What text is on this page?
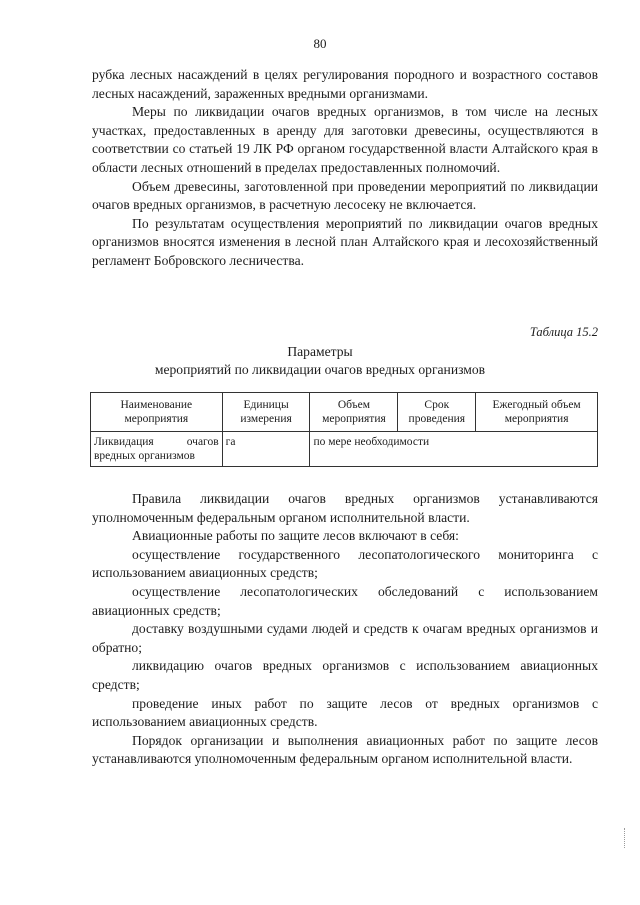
80

рубка лесных насаждений в целях регулирования породного и возрастного составов лесных насаждений, зараженных вредными организмами.

Меры по ликвидации очагов вредных организмов, в том числе на лесных участках, предоставленных в аренду для заготовки древесины, осуществляются в соответствии со статьей 19 ЛК РФ органом государственной власти Алтайского края в области лесных отношений в пределах предоставленных полномочий.

Объем древесины, заготовленной при проведении мероприятий по ликвидации очагов вредных организмов, в расчетную лесосеку не включается.

По результатам осуществления мероприятий по ликвидации очагов вредных организмов вносятся изменения в лесной план Алтайского края и лесохозяйственный регламент Бобровского лесничества.

Таблица 15.2
Параметры
мероприятий по ликвидации очагов вредных организмов
Наименование мероприятия	Единицы измерения	Объем мероприятия	Срок проведения	Ежегодный объем мероприятия

Ликвидация очагов
вредных организмов	га	по мере необходимости		

Правила ликвидации очагов вредных организмов устанавливаются уполномоченным федеральным органом исполнительной власти.

Авиационные работы по защите лесов включают в себя:

осуществление государственного лесопатологического мониторинга с использованием авиационных средств;

осуществление лесопатологических обследований с использованием авиационных средств;

доставку воздушными судами людей и средств к очагам вредных организмов и обратно;

ликвидацию очагов вредных организмов с использованием авиационных средств;

проведение иных работ по защите лесов от вредных организмов с использованием авиационных средств.

Порядок организации и выполнения авиационных работ по защите лесов устанавливаются уполномоченным федеральным органом исполнительной власти.
